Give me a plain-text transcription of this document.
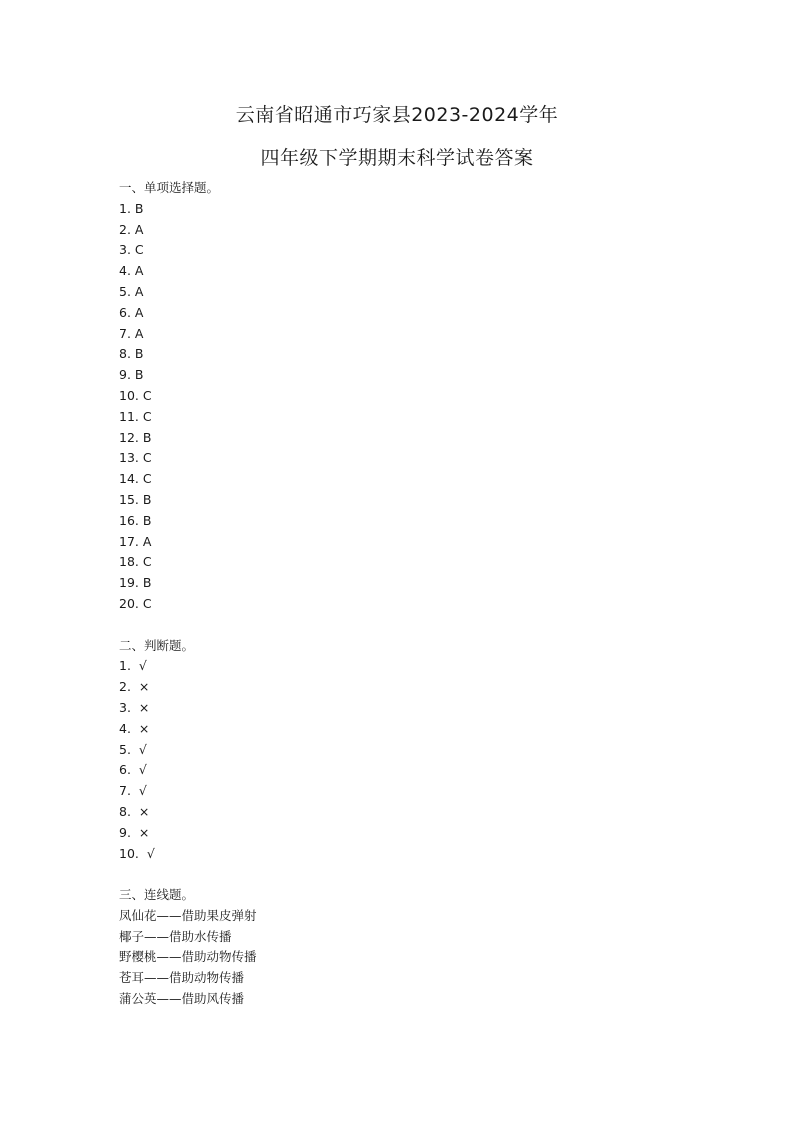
云南省昭通市巧家县2023-2024学年
四年级下学期期末科学试卷答案
一、单项选择题。
1. B
2. A
3. C
4. A
5. A
6. A
7. A
8. B
9. B
10. C
11. C
12. B
13. C
14. C
15. B
16. B
17. A
18. C
19. B
20. C
二、判断题。
1.  √
2.  ×
3.  ×
4.  ×
5.  √
6.  √
7.  √
8.  ×
9.  ×
10.  √
三、连线题。
凤仙花——借助果皮弹射
椰子——借助水传播
野樱桃——借助动物传播
苍耳——借助动物传播
蒲公英——借助风传播
